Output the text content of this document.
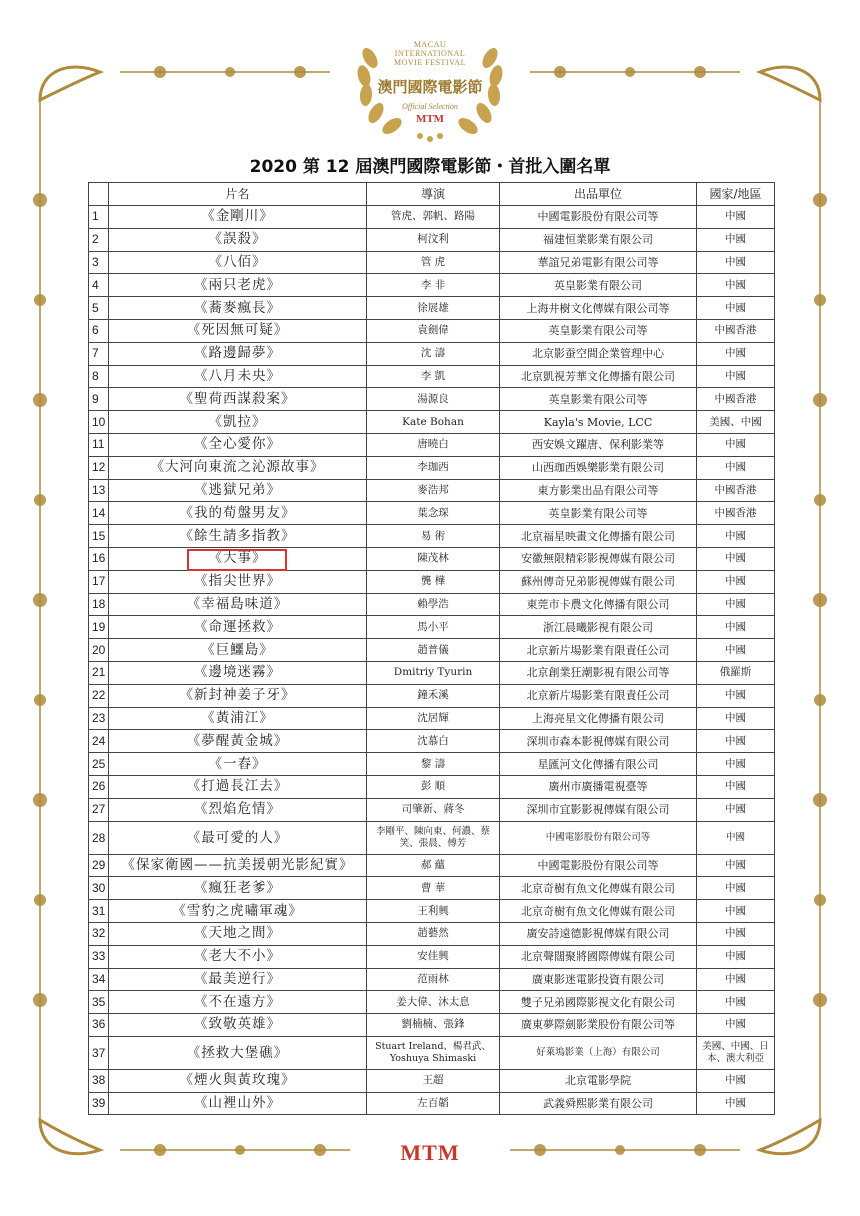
MACAU
INTERNATIONAL
MOVIE FESTIVAL
澳門國際電影節
Official Selection
MTM
2020 第 12 屆澳門國際電影節・首批入圍名單
	片名	導演	出品單位	國家/地區
1	《金剛川》	管虎、郭帆、路陽	中國電影股份有限公司等	中國
2	《誤殺》	柯汶利	福建恒業影業有限公司	中國
3	《八佰》	管 虎	華誼兄弟電影有限公司等	中國
4	《兩只老虎》	李 非	英皇影業有限公司	中國
5	《蕎麥瘋長》	徐展雄	上海井樹文化傳媒有限公司等	中國
6	《死因無可疑》	袁劍偉	英皇影業有限公司等	中國香港
7	《路邊歸夢》	沈 濤	北京影蚕空間企業管理中心	中國
8	《八月未央》	李 凱	北京凱視芳華文化傳播有限公司	中國
9	《聖荷西謀殺案》	湯源良	英皇影業有限公司等	中國香港
10	《凱拉》	Kate Bohan	Kayla's Movie, LCC	美國、中國
11	《全心愛你》	唐曉白	西安娛文躍唐、保利影業等	中國
12	《大河向東流之沁源故事》	李珈西	山西珈西娛樂影業有限公司	中國
13	《逃獄兄弟》	麥浩邦	東方影業出品有限公司等	中國香港
14	《我的荀盤男友》	葉念琛	英皇影業有限公司等	中國香港
15	《餘生請多指教》	易 術	北京福星映畫文化傳播有限公司	中國
16	《大事》	陳茂林	安徽無限精彩影視傳媒有限公司	中國
17	《指尖世界》	龔 樺	蘇州傳奇兄弟影視傳媒有限公司	中國
18	《幸福島味道》	賴學浩	東莞市卡農文化傳播有限公司	中國
19	《命運拯救》	馬小平	浙江晨曦影視有限公司	中國
20	《巨鱷島》	趙普儀	北京新片場影業有限責任公司	中國
21	《邊境迷霧》	Dmitriy Tyurin	北京創業狂潮影視有限公司等	俄羅斯
22	《新封神姜子牙》	鐘禾溪	北京新片場影業有限責任公司	中國
23	《黃浦江》	沈居輝	上海亮星文化傳播有限公司	中國
24	《夢醒黃金城》	沈慕白	深圳市森本影視傳媒有限公司	中國
25	《一舂》	黎 濤	星匯河文化傳播有限公司	中國
26	《打過長江去》	彭 順	廣州市廣播電視臺等	中國
27	《烈焰危情》	司肇新、蔣冬	深圳市宜影影視傳媒有限公司	中國
28	《最可愛的人》	李剛平、陳向東、何濃、蔡笑、張晨、傅芳	中國電影股份有限公司等	中國
29	《保家衛國——抗美援朝光影紀實》	郝 蘊	中國電影股份有限公司等	中國
30	《瘋狂老爹》	曹 華	北京奇樹有魚文化傳媒有限公司	中國
31	《雪豹之虎嘯軍魂》	王利興	北京奇樹有魚文化傳媒有限公司	中國
32	《天地之間》	趙藝然	廣安詩遠德影視傳媒有限公司	中國
33	《老大不小》	安佳興	北京聲闊聚將國際傳媒有限公司	中國
34	《最美逆行》	范雨林	廣東影迷電影投資有限公司	中國
35	《不在遠方》	姜大偉、沐太息	雙子兄弟國際影視文化有限公司	中國
36	《致敬英雄》	劉楠楠、張鋒	廣東夢際劍影業股份有限公司等	中國
37	《拯救大堡礁》	Stuart Ireland、楊君武、Yoshuya Shimaski	好萊塢影業（上海）有限公司	美國、中國、日本、澳大利亞
38	《煙火與黃玫瑰》	王超	北京電影學院	中國
39	《山裡山外》	左百韜	武義舜熙影業有限公司	中國
MTM
